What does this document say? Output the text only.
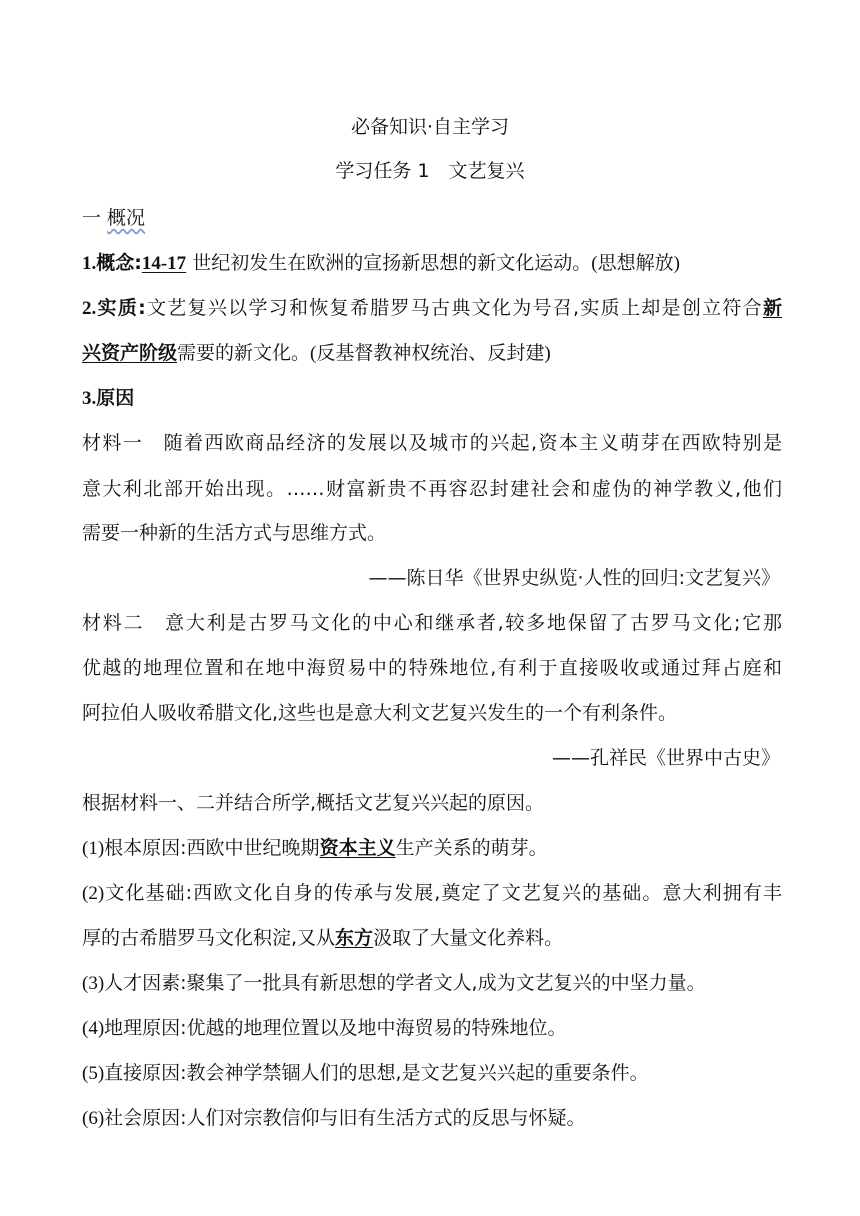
必备知识·自主学习
学习任务 1　文艺复兴
一 概况
1.概念:14-17 世纪初发生在欧洲的宣扬新思想的新文化运动。(思想解放)
2.实质:文艺复兴以学习和恢复希腊罗马古典文化为号召,实质上却是创立符合新
兴资产阶级需要的新文化。(反基督教神权统治、反封建)
3.原因
材料一　随着西欧商品经济的发展以及城市的兴起,资本主义萌芽在西欧特别是
意大利北部开始出现。……财富新贵不再容忍封建社会和虚伪的神学教义,他们
需要一种新的生活方式与思维方式。
——陈日华《世界史纵览·人性的回归:文艺复兴》
材料二　意大利是古罗马文化的中心和继承者,较多地保留了古罗马文化;它那
优越的地理位置和在地中海贸易中的特殊地位,有利于直接吸收或通过拜占庭和
阿拉伯人吸收希腊文化,这些也是意大利文艺复兴发生的一个有利条件。
——孔祥民《世界中古史》
根据材料一、二并结合所学,概括文艺复兴兴起的原因。
(1)根本原因:西欧中世纪晚期资本主义生产关系的萌芽。
(2)文化基础:西欧文化自身的传承与发展,奠定了文艺复兴的基础。意大利拥有丰
厚的古希腊罗马文化积淀,又从东方汲取了大量文化养料。
(3)人才因素:聚集了一批具有新思想的学者文人,成为文艺复兴的中坚力量。
(4)地理原因:优越的地理位置以及地中海贸易的特殊地位。
(5)直接原因:教会神学禁锢人们的思想,是文艺复兴兴起的重要条件。
(6)社会原因:人们对宗教信仰与旧有生活方式的反思与怀疑。
